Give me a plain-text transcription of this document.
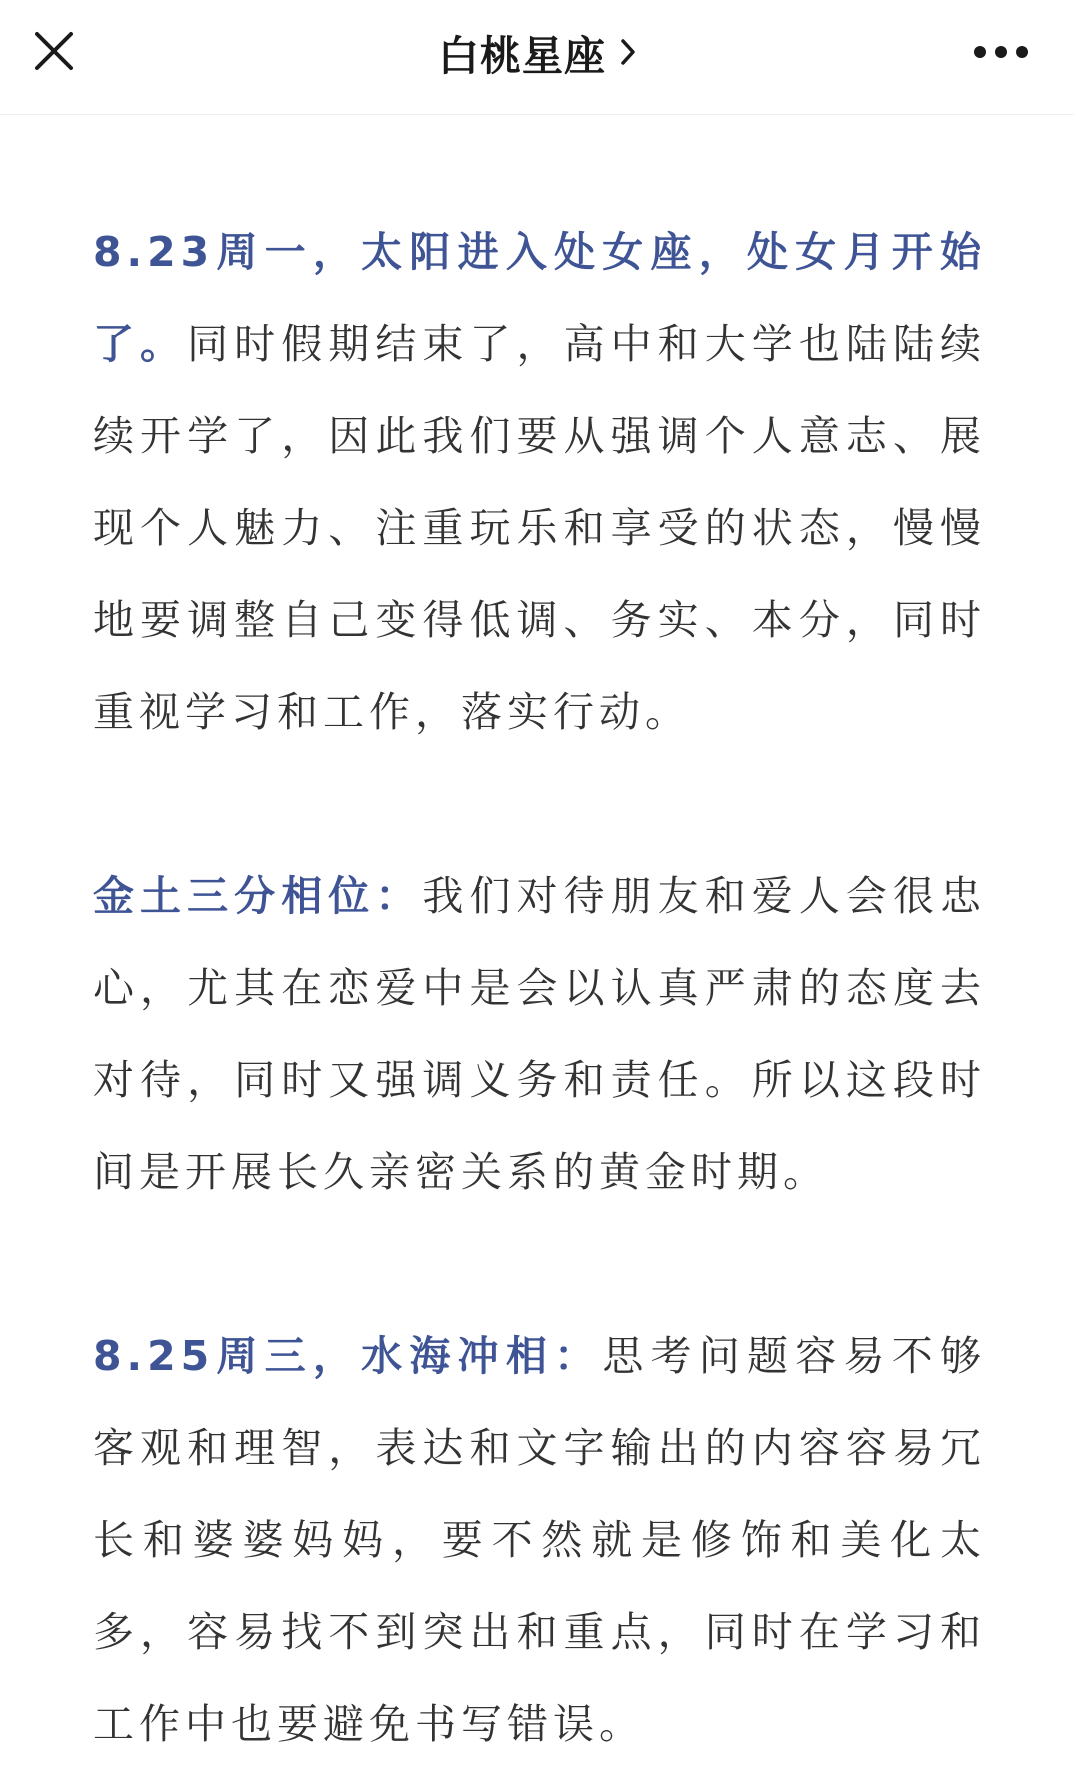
白桃星座

8.23周一，太阳进入处女座，处女月开始了。同时假期结束了，高中和大学也陆陆续续开学了，因此我们要从强调个人意志、展现个人魅力、注重玩乐和享受的状态，慢慢地要调整自己变得低调、务实、本分，同时重视学习和工作，落实行动。

金土三分相位：我们对待朋友和爱人会很忠心，尤其在恋爱中是会以认真严肃的态度去对待，同时又强调义务和责任。所以这段时间是开展长久亲密关系的黄金时期。

8.25周三，水海冲相：思考问题容易不够客观和理智，表达和文字输出的内容容易冗长和婆婆妈妈，要不然就是修饰和美化太多，容易找不到突出和重点，同时在学习和工作中也要避免书写错误。
